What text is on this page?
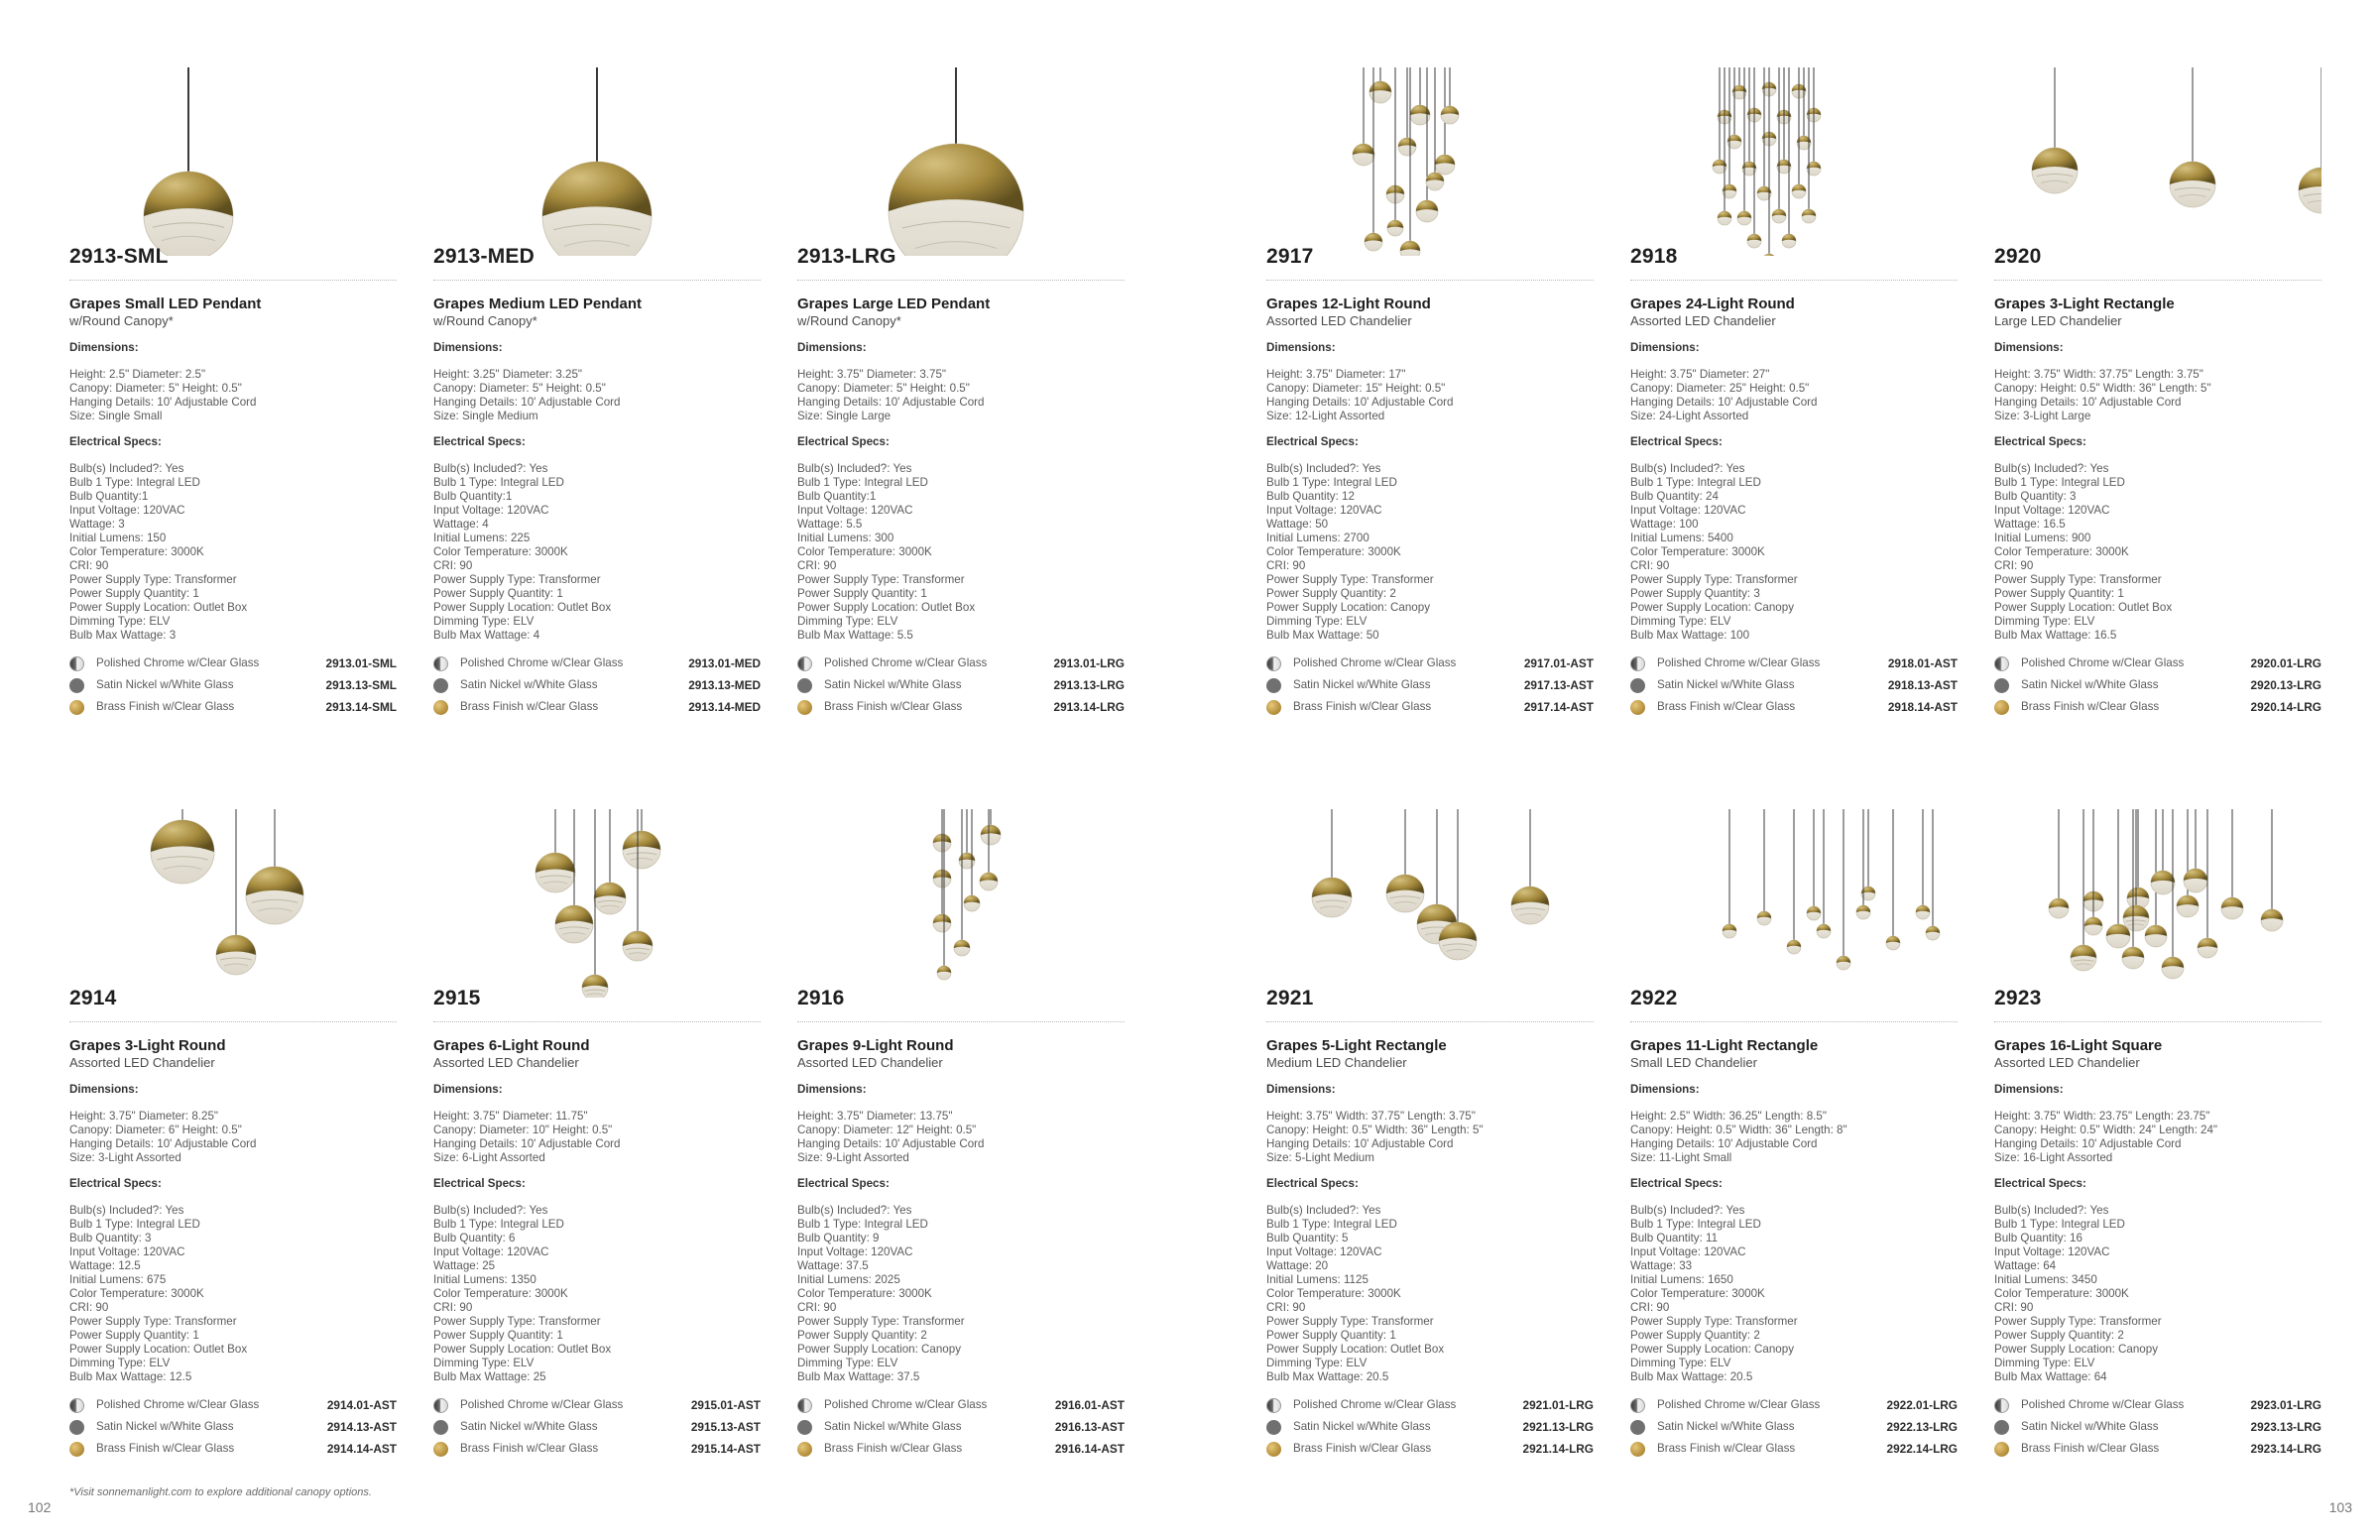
2913-SML
Grapes Small LED Pendant
w/Round Canopy*
Dimensions:
Height: 2.5" Diameter: 2.5"
Canopy: Diameter: 5" Height: 0.5"
Hanging Details: 10' Adjustable Cord
Size: Single Small
Electrical Specs:
Bulb(s) Included?: Yes
Bulb 1 Type: Integral LED
Bulb Quantity:1
Input Voltage: 120VAC
Wattage: 3
Initial Lumens: 150
Color Temperature: 3000K
CRI: 90
Power Supply Type: Transformer
Power Supply Quantity: 1
Power Supply Location: Outlet Box
Dimming Type: ELV
Bulb Max Wattage: 3
Polished Chrome w/Clear Glass	2913.01-SML
Satin Nickel w/White Glass	2913.13-SML
Brass Finish w/Clear Glass	2913.14-SML
2913-MED
Grapes Medium LED Pendant
w/Round Canopy*
Dimensions:
Height: 3.25" Diameter: 3.25"
Canopy: Diameter: 5" Height: 0.5"
Hanging Details: 10' Adjustable Cord
Size: Single Medium
Electrical Specs:
Bulb(s) Included?: Yes
Bulb 1 Type: Integral LED
Bulb Quantity:1
Input Voltage: 120VAC
Wattage: 4
Initial Lumens: 225
Color Temperature: 3000K
CRI: 90
Power Supply Type: Transformer
Power Supply Quantity: 1
Power Supply Location: Outlet Box
Dimming Type: ELV
Bulb Max Wattage: 4
Polished Chrome w/Clear Glass	2913.01-MED
Satin Nickel w/White Glass	2913.13-MED
Brass Finish w/Clear Glass	2913.14-MED
2913-LRG
Grapes Large LED Pendant
w/Round Canopy*
Dimensions:
Height: 3.75" Diameter: 3.75"
Canopy: Diameter: 5" Height: 0.5"
Hanging Details: 10' Adjustable Cord
Size: Single Large
Electrical Specs:
Bulb(s) Included?: Yes
Bulb 1 Type: Integral LED
Bulb Quantity:1
Input Voltage: 120VAC
Wattage: 5.5
Initial Lumens: 300
Color Temperature: 3000K
CRI: 90
Power Supply Type: Transformer
Power Supply Quantity: 1
Power Supply Location: Outlet Box
Dimming Type: ELV
Bulb Max Wattage: 5.5
Polished Chrome w/Clear Glass	2913.01-LRG
Satin Nickel w/White Glass	2913.13-LRG
Brass Finish w/Clear Glass	2913.14-LRG
2917
Grapes 12-Light Round
Assorted LED Chandelier
Dimensions:
Height: 3.75" Diameter: 17"
Canopy: Diameter: 15" Height: 0.5"
Hanging Details: 10' Adjustable Cord
Size: 12-Light Assorted
Electrical Specs:
Bulb(s) Included?: Yes
Bulb 1 Type: Integral LED
Bulb Quantity: 12
Input Voltage: 120VAC
Wattage: 50
Initial Lumens: 2700
Color Temperature: 3000K
CRI: 90
Power Supply Type: Transformer
Power Supply Quantity: 2
Power Supply Location: Canopy
Dimming Type: ELV
Bulb Max Wattage: 50
Polished Chrome w/Clear Glass	2917.01-AST
Satin Nickel w/White Glass	2917.13-AST
Brass Finish w/Clear Glass	2917.14-AST
2918
Grapes 24-Light Round
Assorted LED Chandelier
Dimensions:
Height: 3.75" Diameter: 27"
Canopy: Diameter: 25" Height: 0.5"
Hanging Details: 10' Adjustable Cord
Size: 24-Light Assorted
Electrical Specs:
Bulb(s) Included?: Yes
Bulb 1 Type: Integral LED
Bulb Quantity: 24
Input Voltage: 120VAC
Wattage: 100
Initial Lumens: 5400
Color Temperature: 3000K
CRI: 90
Power Supply Type: Transformer
Power Supply Quantity: 3
Power Supply Location: Canopy
Dimming Type: ELV
Bulb Max Wattage: 100
Polished Chrome w/Clear Glass	2918.01-AST
Satin Nickel w/White Glass	2918.13-AST
Brass Finish w/Clear Glass	2918.14-AST
2920
Grapes 3-Light Rectangle
Large LED Chandelier
Dimensions:
Height: 3.75" Width: 37.75" Length: 3.75"
Canopy: Height: 0.5" Width: 36" Length: 5"
Hanging Details: 10' Adjustable Cord
Size: 3-Light Large
Electrical Specs:
Bulb(s) Included?: Yes
Bulb 1 Type: Integral LED
Bulb Quantity: 3
Input Voltage: 120VAC
Wattage: 16.5
Initial Lumens: 900
Color Temperature: 3000K
CRI: 90
Power Supply Type: Transformer
Power Supply Quantity: 1
Power Supply Location: Outlet Box
Dimming Type: ELV
Bulb Max Wattage: 16.5
Polished Chrome w/Clear Glass	2920.01-LRG
Satin Nickel w/White Glass	2920.13-LRG
Brass Finish w/Clear Glass	2920.14-LRG
2914
Grapes 3-Light Round
Assorted LED Chandelier
Dimensions:
Height: 3.75" Diameter: 8.25"
Canopy: Diameter: 6" Height: 0.5"
Hanging Details: 10' Adjustable Cord
Size: 3-Light Assorted
Electrical Specs:
Bulb(s) Included?: Yes
Bulb 1 Type: Integral LED
Bulb Quantity: 3
Input Voltage: 120VAC
Wattage: 12.5
Initial Lumens: 675
Color Temperature: 3000K
CRI: 90
Power Supply Type: Transformer
Power Supply Quantity: 1
Power Supply Location: Outlet Box
Dimming Type: ELV
Bulb Max Wattage: 12.5
Polished Chrome w/Clear Glass	2914.01-AST
Satin Nickel w/White Glass	2914.13-AST
Brass Finish w/Clear Glass	2914.14-AST
2915
Grapes 6-Light Round
Assorted LED Chandelier
Dimensions:
Height: 3.75" Diameter: 11.75"
Canopy: Diameter: 10" Height: 0.5"
Hanging Details: 10' Adjustable Cord
Size: 6-Light Assorted
Electrical Specs:
Bulb(s) Included?: Yes
Bulb 1 Type: Integral LED
Bulb Quantity: 6
Input Voltage: 120VAC
Wattage: 25
Initial Lumens: 1350
Color Temperature: 3000K
CRI: 90
Power Supply Type: Transformer
Power Supply Quantity: 1
Power Supply Location: Outlet Box
Dimming Type: ELV
Bulb Max Wattage: 25
Polished Chrome w/Clear Glass	2915.01-AST
Satin Nickel w/White Glass	2915.13-AST
Brass Finish w/Clear Glass	2915.14-AST
2916
Grapes 9-Light Round
Assorted LED Chandelier
Dimensions:
Height: 3.75" Diameter: 13.75"
Canopy: Diameter: 12" Height: 0.5"
Hanging Details: 10' Adjustable Cord
Size: 9-Light Assorted
Electrical Specs:
Bulb(s) Included?: Yes
Bulb 1 Type: Integral LED
Bulb Quantity: 9
Input Voltage: 120VAC
Wattage: 37.5
Initial Lumens: 2025
Color Temperature: 3000K
CRI: 90
Power Supply Type: Transformer
Power Supply Quantity: 2
Power Supply Location: Canopy
Dimming Type: ELV
Bulb Max Wattage: 37.5
Polished Chrome w/Clear Glass	2916.01-AST
Satin Nickel w/White Glass	2916.13-AST
Brass Finish w/Clear Glass	2916.14-AST
2921
Grapes 5-Light Rectangle
Medium LED Chandelier
Dimensions:
Height: 3.75" Width: 37.75" Length: 3.75"
Canopy: Height: 0.5" Width: 36" Length: 5"
Hanging Details: 10' Adjustable Cord
Size: 5-Light Medium
Electrical Specs:
Bulb(s) Included?: Yes
Bulb 1 Type: Integral LED
Bulb Quantity: 5
Input Voltage: 120VAC
Wattage: 20
Initial Lumens: 1125
Color Temperature: 3000K
CRI: 90
Power Supply Type: Transformer
Power Supply Quantity: 1
Power Supply Location: Outlet Box
Dimming Type: ELV
Bulb Max Wattage: 20.5
Polished Chrome w/Clear Glass	2921.01-LRG
Satin Nickel w/White Glass	2921.13-LRG
Brass Finish w/Clear Glass	2921.14-LRG
2922
Grapes 11-Light Rectangle
Small LED Chandelier
Dimensions:
Height: 2.5" Width: 36.25" Length: 8.5"
Canopy: Height: 0.5" Width: 36" Length: 8"
Hanging Details: 10' Adjustable Cord
Size: 11-Light Small
Electrical Specs:
Bulb(s) Included?: Yes
Bulb 1 Type: Integral LED
Bulb Quantity: 11
Input Voltage: 120VAC
Wattage: 33
Initial Lumens: 1650
Color Temperature: 3000K
CRI: 90
Power Supply Type: Transformer
Power Supply Quantity: 2
Power Supply Location: Canopy
Dimming Type: ELV
Bulb Max Wattage: 20.5
Polished Chrome w/Clear Glass	2922.01-LRG
Satin Nickel w/White Glass	2922.13-LRG
Brass Finish w/Clear Glass	2922.14-LRG
2923
Grapes 16-Light Square
Assorted LED Chandelier
Dimensions:
Height: 3.75" Width: 23.75" Length: 23.75"
Canopy: Height: 0.5" Width: 24" Length: 24"
Hanging Details: 10' Adjustable Cord
Size: 16-Light Assorted
Electrical Specs:
Bulb(s) Included?: Yes
Bulb 1 Type: Integral LED
Bulb Quantity: 16
Input Voltage: 120VAC
Wattage: 64
Initial Lumens: 3450
Color Temperature: 3000K
CRI: 90
Power Supply Type: Transformer
Power Supply Quantity: 2
Power Supply Location: Canopy
Dimming Type: ELV
Bulb Max Wattage: 64
Polished Chrome w/Clear Glass	2923.01-LRG
Satin Nickel w/White Glass	2923.13-LRG
Brass Finish w/Clear Glass	2923.14-LRG
*Visit sonnemanlight.com to explore additional canopy options.
102	103
